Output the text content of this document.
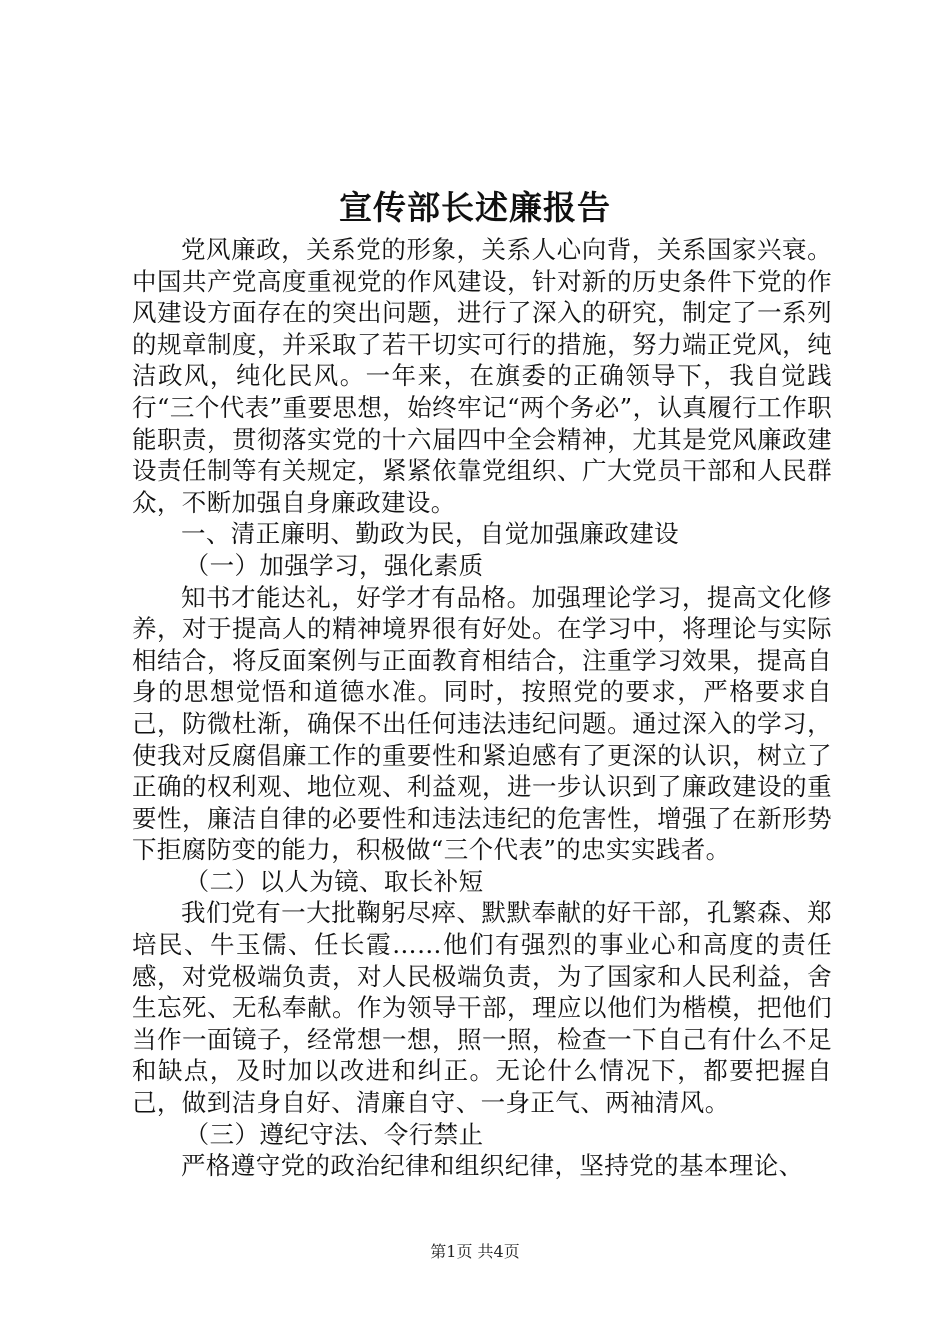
宣传部长述廉报告

党风廉政，关系党的形象，关系人心向背，关系国家兴衰。中国共产党高度重视党的作风建设，针对新的历史条件下党的作风建设方面存在的突出问题，进行了深入的研究，制定了一系列的规章制度，并采取了若干切实可行的措施，努力端正党风，纯洁政风，纯化民风。一年来，在旗委的正确领导下，我自觉践行“三个代表”重要思想，始终牢记“两个务必”，认真履行工作职能职责，贯彻落实党的十六届四中全会精神，尤其是党风廉政建设责任制等有关规定，紧紧依靠党组织、广大党员干部和人民群众，不断加强自身廉政建设。

一、清正廉明、勤政为民，自觉加强廉政建设

（一）加强学习，强化素质

知书才能达礼，好学才有品格。加强理论学习，提高文化修养，对于提高人的精神境界很有好处。在学习中，将理论与实际相结合，将反面案例与正面教育相结合，注重学习效果，提高自身的思想觉悟和道德水准。同时，按照党的要求，严格要求自己，防微杜渐，确保不出任何违法违纪问题。通过深入的学习，使我对反腐倡廉工作的重要性和紧迫感有了更深的认识，树立了正确的权利观、地位观、利益观，进一步认识到了廉政建设的重要性，廉洁自律的必要性和违法违纪的危害性，增强了在新形势下拒腐防变的能力，积极做“三个代表”的忠实实践者。

（二）以人为镜、取长补短

我们党有一大批鞠躬尽瘁、默默奉献的好干部，孔繁森、郑培民、牛玉儒、任长霞……他们有强烈的事业心和高度的责任感，对党极端负责，对人民极端负责，为了国家和人民利益，舍生忘死、无私奉献。作为领导干部，理应以他们为楷模，把他们当作一面镜子，经常想一想，照一照，检查一下自己有什么不足和缺点，及时加以改进和纠正。无论什么情况下，都要把握自己，做到洁身自好、清廉自守、一身正气、两袖清风。

（三）遵纪守法、令行禁止

严格遵守党的政治纪律和组织纪律，坚持党的基本理论、

第1页 共4页
